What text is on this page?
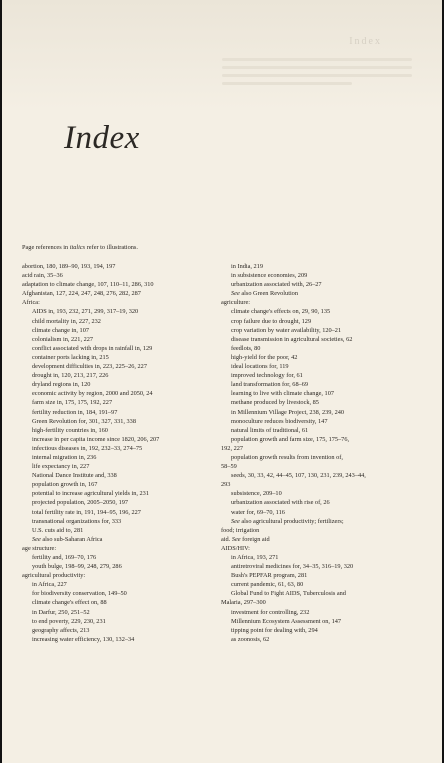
Index
Index
Page references in italics refer to illustrations.
abortion, 180, 189–90, 193, 194, 197
acid rain, 35–36
adaptation to climate change, 107, 110–11, 286, 310
Afghanistan, 127, 224, 247, 248, 276, 282, 287
Africa:
AIDS in, 193, 232, 271, 299, 317–19, 320
child mortality in, 227, 232
climate change in, 107
colonialism in, 221, 227
conflict associated with drops in rainfall in, 129
container ports lacking in, 215
development difficulties in, 223, 225–26, 227
drought in, 120, 213, 217, 226
dryland regions in, 120
economic activity by region, 2000 and 2050, 24
farm size in, 175, 175, 192, 227
fertility reduction in, 184, 191–97
Green Revolution for, 301, 327, 331, 338
high-fertility countries in, 160
increase in per capita income since 1820, 206, 207
infectious diseases in, 192, 232–33, 274–75
internal migration in, 236
life expectancy in, 227
National Dance Institute and, 338
population growth in, 167
potential to increase agricultural yields in, 231
projected population, 2005–2050, 197
total fertility rate in, 191, 194–95, 196, 227
transnational organizations for, 333
U.S. cuts aid to, 281
See also sub-Saharan Africa
age structure:
fertility and, 169–70, 176
youth bulge, 198–99, 248, 279, 286
agricultural productivity:
in Africa, 227
for biodiversity conservation, 149–50
climate change's effect on, 88
in Darfur, 250, 251–52
to end poverty, 229, 230, 231
geography affects, 213
increasing water efficiency, 130, 132–34
in India, 219
in subsistence economies, 209
urbanization associated with, 26–27
See also Green Revolution
agriculture:
climate change's effects on, 29, 90, 135
crop failure due to drought, 129
crop variation by water availability, 120–21
disease transmission in agricultural societies, 62
feedlots, 80
high-yield for the poor, 42
ideal locations for, 119
improved technology for, 61
land transformation for, 68–69
learning to live with climate change, 107
methane produced by livestock, 85
in Millennium Village Project, 238, 239, 240
monoculture reduces biodiversity, 147
natural limits of traditional, 61
population growth and farm size, 175, 175–76,
192, 227
population growth results from invention of,
58–59
seeds, 30, 33, 42, 44–45, 107, 130, 231, 239, 243–44,
293
subsistence, 209–10
urbanization associated with rise of, 26
water for, 69–70, 116
See also agricultural productivity; fertilizers;
food; irrigation
aid. See foreign aid
AIDS/HIV:
in Africa, 193, 271
antiretroviral medicines for, 34–35, 316–19, 320
Bush's PEPFAR program, 281
current pandemic, 61, 63, 80
Global Fund to Fight AIDS, Tuberculosis and
Malaria, 297–300
investment for controlling, 232
Millennium Ecosystem Assessment on, 147
tipping point for dealing with, 294
as zoonosis, 62
